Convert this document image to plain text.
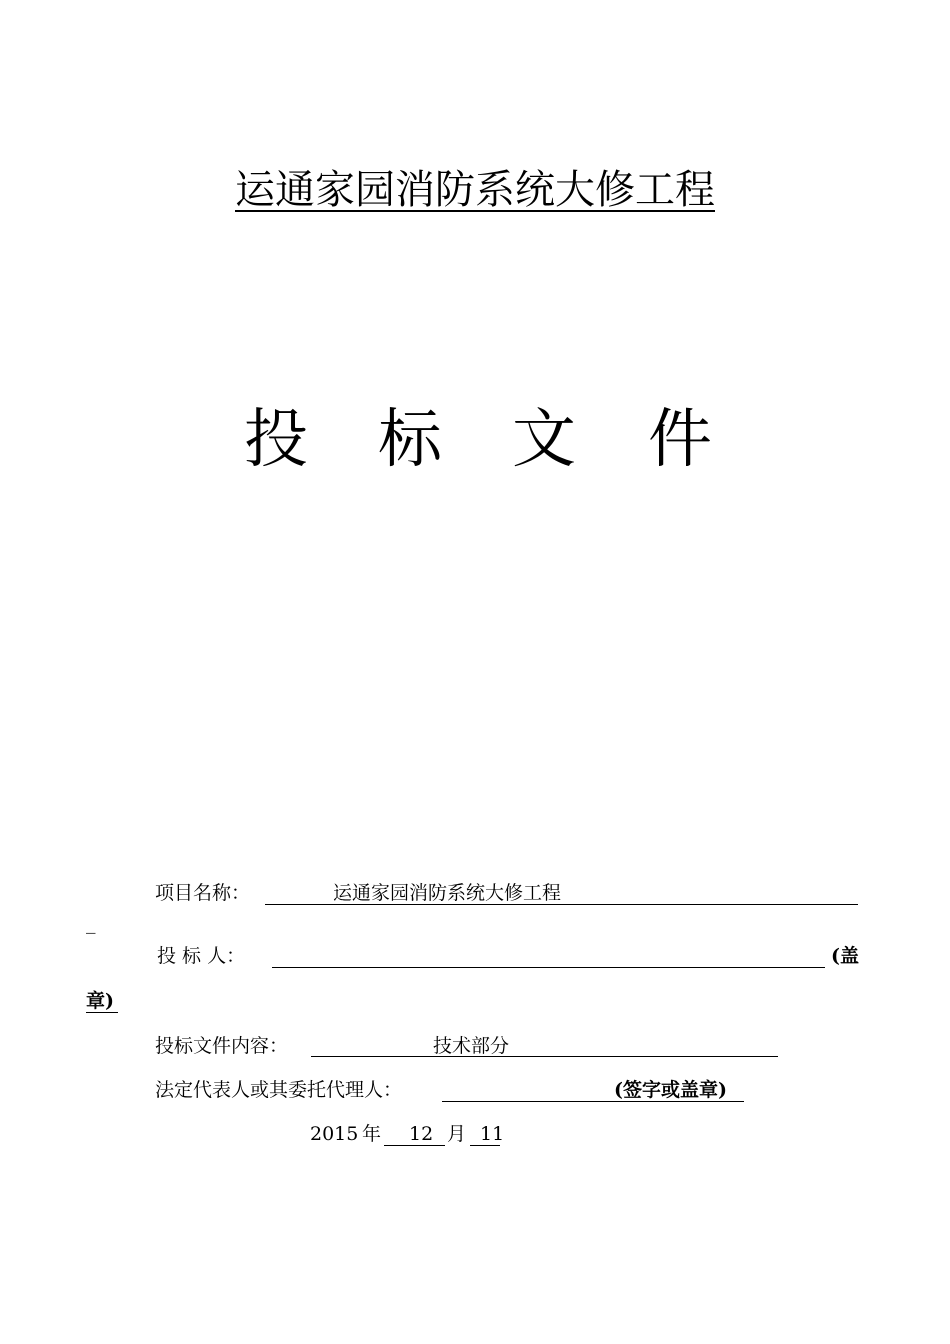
运通家园消防系统大修工程
投 标 文 件
项目名称：	运通家园消防系统大修工程
_
投 标 人：	(盖
章)
投标文件内容：	技术部分
法定代表人或其委托代理人：	(签字或盖章)
2015 年 12 月 11
